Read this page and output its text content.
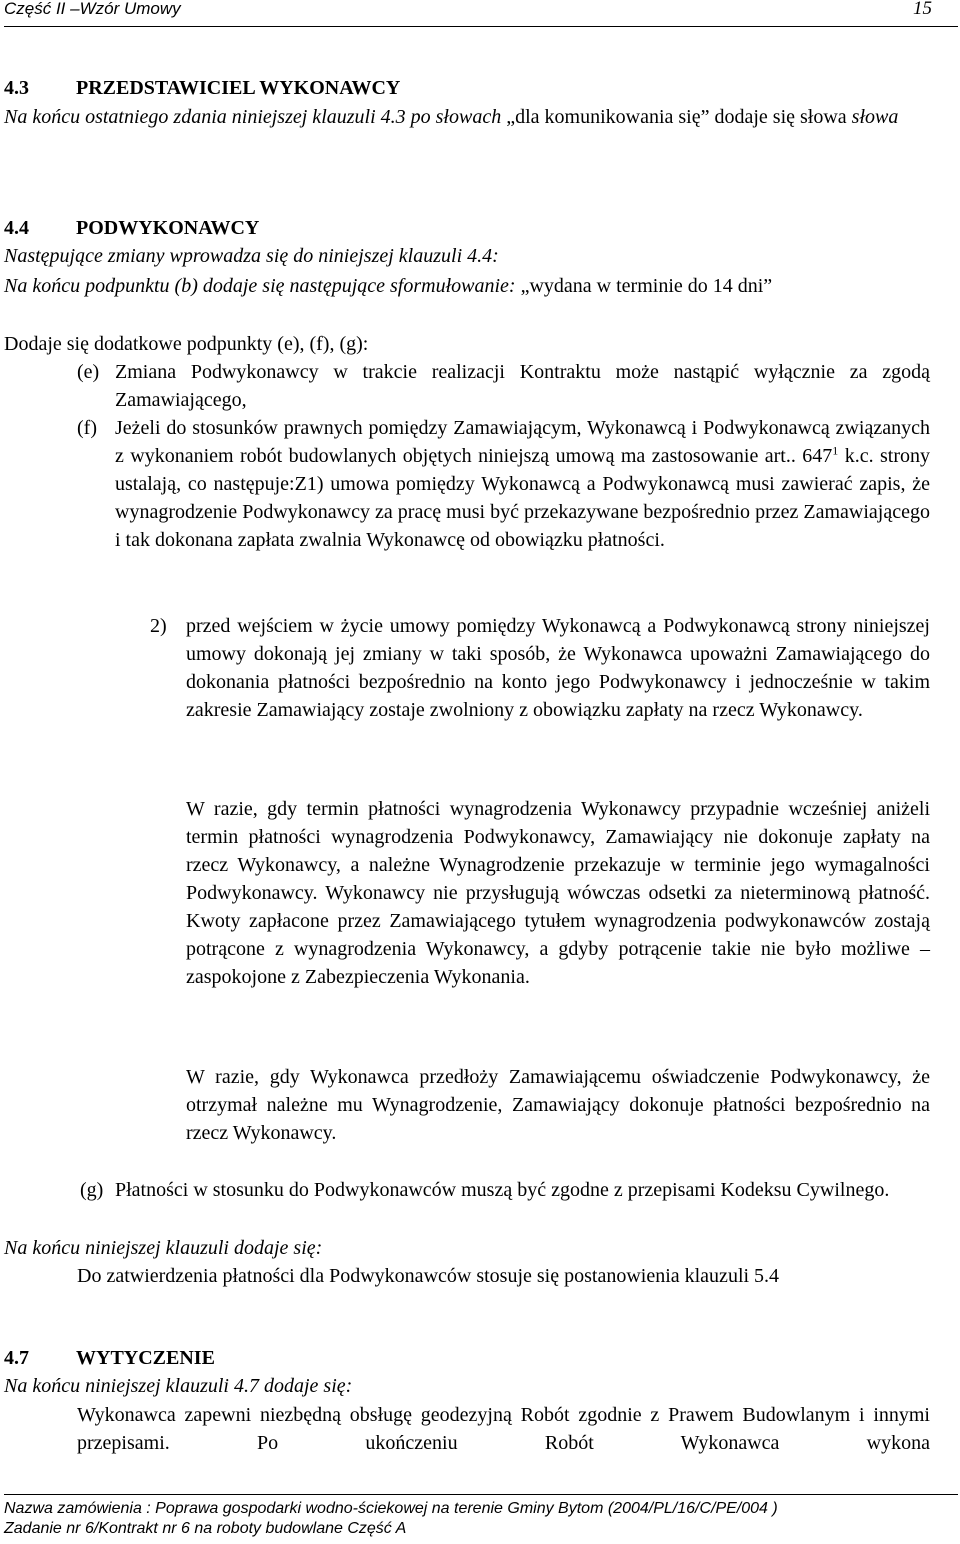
Część II –Wzór Umowy	15
4.3 PRZEDSTAWICIEL WYKONAWCY

Na końcu ostatniego zdania niniejszej klauzuli 4.3 po słowach „dla komunikowania się” dodaje się słowa słowa

4.4 PODWYKONAWCY
Następujące zmiany wprowadza się do niniejszej klauzuli 4.4:

Na końcu podpunktu (b) dodaje się następujące sformułowanie: „wydana w terminie do 14 dni”

Dodaje się dodatkowe podpunkty (e), (f), (g):
(e) Zmiana Podwykonawcy w trakcie realizacji Kontraktu może nastąpić wyłącznie za zgodą Zamawiającego,

(f) Jeżeli do stosunków prawnych pomiędzy Zamawiającym, Wykonawcą i Podwykonawcą związanych z wykonaniem robót budowlanych objętych niniejszą umową ma zastosowanie art.. $647^1$ k.c. strony ustalają, co następuje:Z1) umowa pomiędzy Wykonawcą a Podwykonawcą musi zawierać zapis, że wynagrodzenie Podwykonawcy za pracę musi być przekazywane bezpośrednio przez Zamawiającego i tak dokonana zapłata zwalnia Wykonawcę od obowiązku płatności.

2) przed wejściem w życie umowy pomiędzy Wykonawcą a Podwykonawcą strony niniejszej umowy dokonają jej zmiany w taki sposób, że Wykonawca upoważni Zamawiającego do dokonania płatności bezpośrednio na konto jego Podwykonawcy i jednocześnie w takim zakresie Zamawiający zostaje zwolniony z obowiązku zapłaty na rzecz Wykonawcy.

W razie, gdy termin płatności wynagrodzenia Wykonawcy przypadnie wcześniej aniżeli termin płatności wynagrodzenia Podwykonawcy, Zamawiający nie dokonuje zapłaty na rzecz Wykonawcy, a należne Wynagrodzenie przekazuje w terminie jego wymagalności Podwykonawcy. Wykonawcy nie przysługują wówczas odsetki za nieterminową płatność. Kwoty zapłacone przez Zamawiającego tytułem wynagrodzenia podwykonawców zostają potrącone z wynagrodzenia Wykonawcy, a gdyby potrącenie takie nie było możliwe – zaspokojone z Zabezpieczenia Wykonania.

W razie, gdy Wykonawca przedłoży Zamawiającemu oświadczenie Podwykonawcy, że otrzymał należne mu Wynagrodzenie, Zamawiający dokonuje płatności bezpośrednio na rzecz Wykonawcy.

(g) Płatności w stosunku do Podwykonawców muszą być zgodne z przepisami Kodeksu Cywilnego.

Na końcu niniejszej klauzuli dodaje się:

Do zatwierdzenia płatności dla Podwykonawców stosuje się postanowienia klauzuli 5.4

4.7 WYTYCZENIE
Na końcu niniejszej klauzuli 4.7 dodaje się:

Wykonawca zapewni niezbędną obsługę geodezyjną Robót zgodnie z Prawem Budowlanym i innymi przepisami. Po ukończeniu Robót Wykonawca wykona

Nazwa zamówienia : Poprawa gospodarki wodno-ściekowej na terenie Gminy Bytom (2004/PL/16/C/PE/004 )
Zadanie nr 6/Kontrakt nr 6 na roboty budowlane Część A
